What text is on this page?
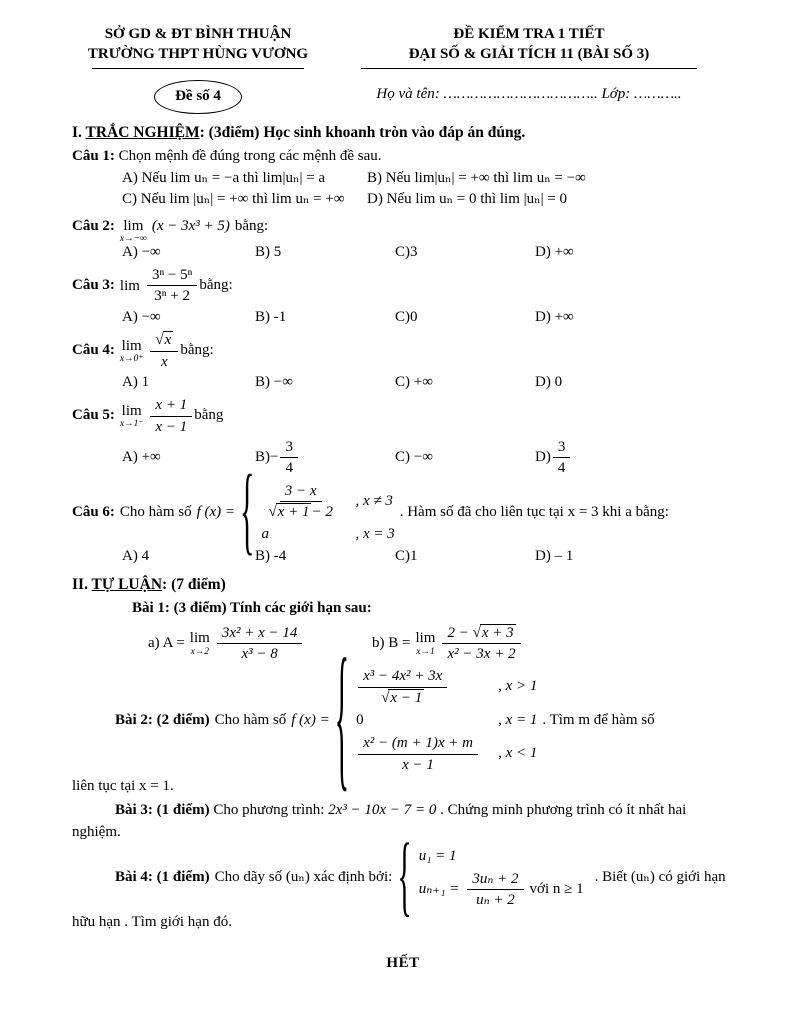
SỞ GD & ĐT BÌNH THUẬN
TRƯỜNG THPT HÙNG VƯƠNG
Đề số 4
ĐỀ KIỂM TRA 1 TIẾT
ĐẠI SỐ & GIẢI TÍCH 11 (BÀI SỐ 3)
Họ và tên: …………………………….. Lớp: ………..
I. TRẮC NGHIỆM: (3điểm) Học sinh khoanh tròn vào đáp án đúng.
Câu 1: Chọn mệnh đề đúng trong các mệnh đề sau.
A) Nếu lim uₙ = −a thì lim|uₙ| = a	B) Nếu lim|uₙ| = +∞ thì lim uₙ = −∞
C) Nếu lim |uₙ| = +∞ thì lim uₙ = +∞	D) Nếu lim uₙ = 0 thì lim |uₙ| = 0
Câu 2: lim
x→−∞
(x − 3x³ + 5) bằng:
A) −∞	B) 5	C)3	D) +∞
Câu 3: $\lim \frac{\text{3ⁿ − 5ⁿ}}{\text{3ⁿ + 2}}$ bằng:
A) −∞	B) -1	C)0	D) +∞
Câu 4: lim
$x\to 0^+ \frac{√x}{x}$ bằng:
A) 1	B) −∞	C) +∞	D) 0
Câu 5: lim
$x\to 1^- \frac{x + 1}{x - 1}$ bằng
A) +∞	$B)- \frac{3}{4}$	C) −∞	$D) \frac{3}{4}$
Câu 6: Cho hàm số f (x) = { $\frac{3 - x}{√x + 1 - 2}$ , x ≠ 3
a	, x = 3
. Hàm số đã cho liên tục tại x = 3 khi a bằng:
A) 4	B) -4	C)1	D) – 1
II. TỰ LUẬN: (7 điểm)
Bài 1: (3 điểm) Tính các giới hạn sau:
a) A = lim
$x\to 2 \frac{\text{3x² + x − 14}}{\text{x³ − 8}}$	b) B = lim
x→1 2 −
√x + 3
x² − 3x + 2
Bài 2: (2 điểm) Cho hàm số f (x) = { $\frac{\text{x³ − 4x² + 3x}}{√x - 1}$	, x > 1
0	, x = 1
$\frac{\text{x² − (m + 1)x + m}}{x - 1}$ , x < 1
. Tìm m để hàm số
liên tục tại x = 1.
Bài 3: (1 điểm) Cho phương trình: 2x³ − 10x − 7 = 0 . Chứng minh phương trình có ít nhất hai
nghiệm.
Bài 4: (1 điểm) Cho dãy số (uₙ) xác định bởi: { u₁ = 1
$u_{n+1} = \frac{\text{3uₙ + 2}}{\text{uₙ + 2}}$ với n ≥ 1
. Biết (uₙ) có giới hạn
hữu hạn . Tìm giới hạn đó.
HẾT
